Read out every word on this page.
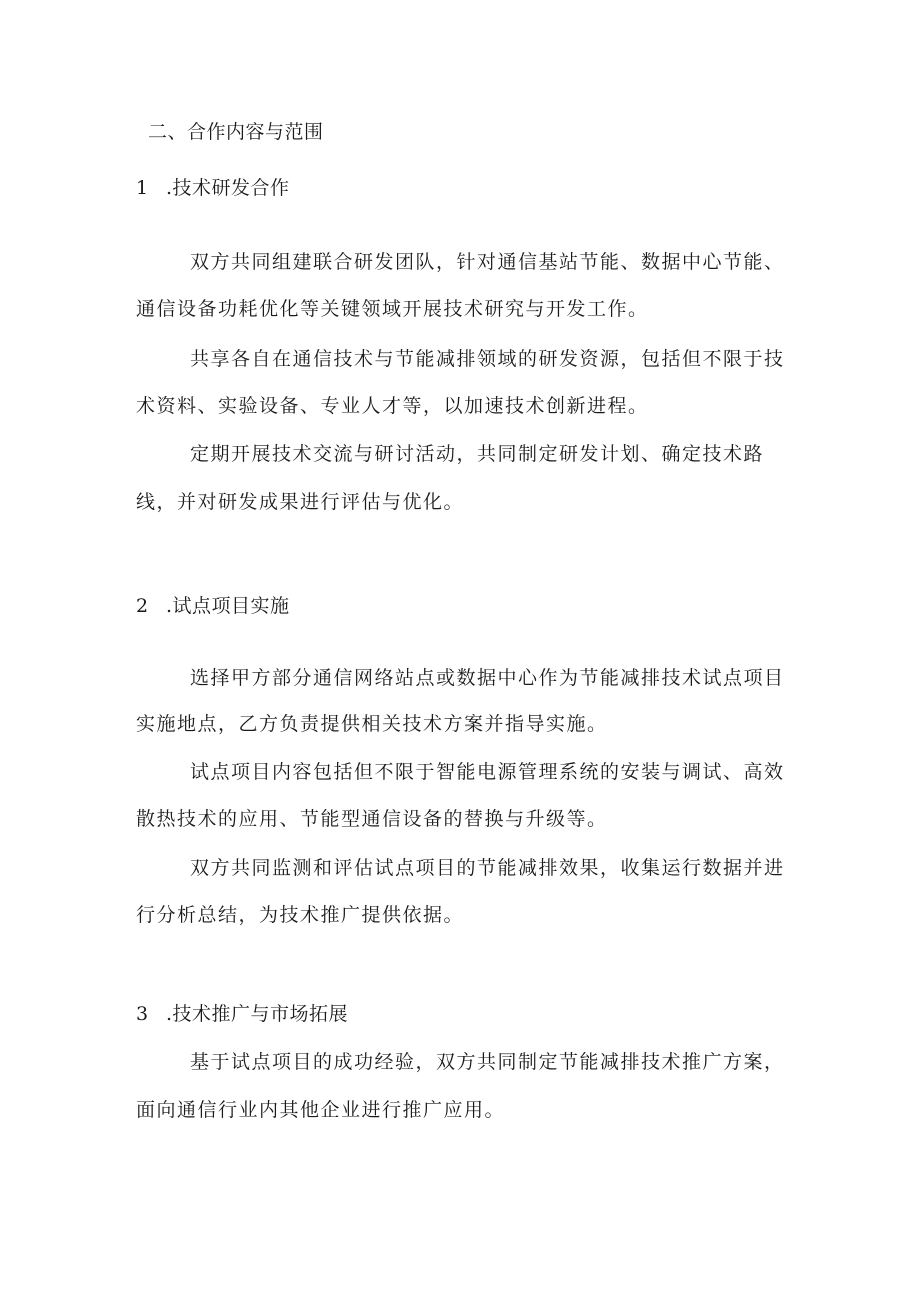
二、合作内容与范围

1 .技术研发合作

双方共同组建联合研发团队，针对通信基站节能、数据中心节能、

通信设备功耗优化等关键领域开展技术研究与开发工作。

共享各自在通信技术与节能减排领域的研发资源，包括但不限于技

术资料、实验设备、专业人才等，以加速技术创新进程。

定期开展技术交流与研讨活动，共同制定研发计划、确定技术路

线，并对研发成果进行评估与优化。

2 .试点项目实施

选择甲方部分通信网络站点或数据中心作为节能减排技术试点项目

实施地点，乙方负责提供相关技术方案并指导实施。

试点项目内容包括但不限于智能电源管理系统的安装与调试、高效

散热技术的应用、节能型通信设备的替换与升级等。

双方共同监测和评估试点项目的节能减排效果，收集运行数据并进

行分析总结，为技术推广提供依据。

3 .技术推广与市场拓展

基于试点项目的成功经验，双方共同制定节能减排技术推广方案，

面向通信行业内其他企业进行推广应用。
